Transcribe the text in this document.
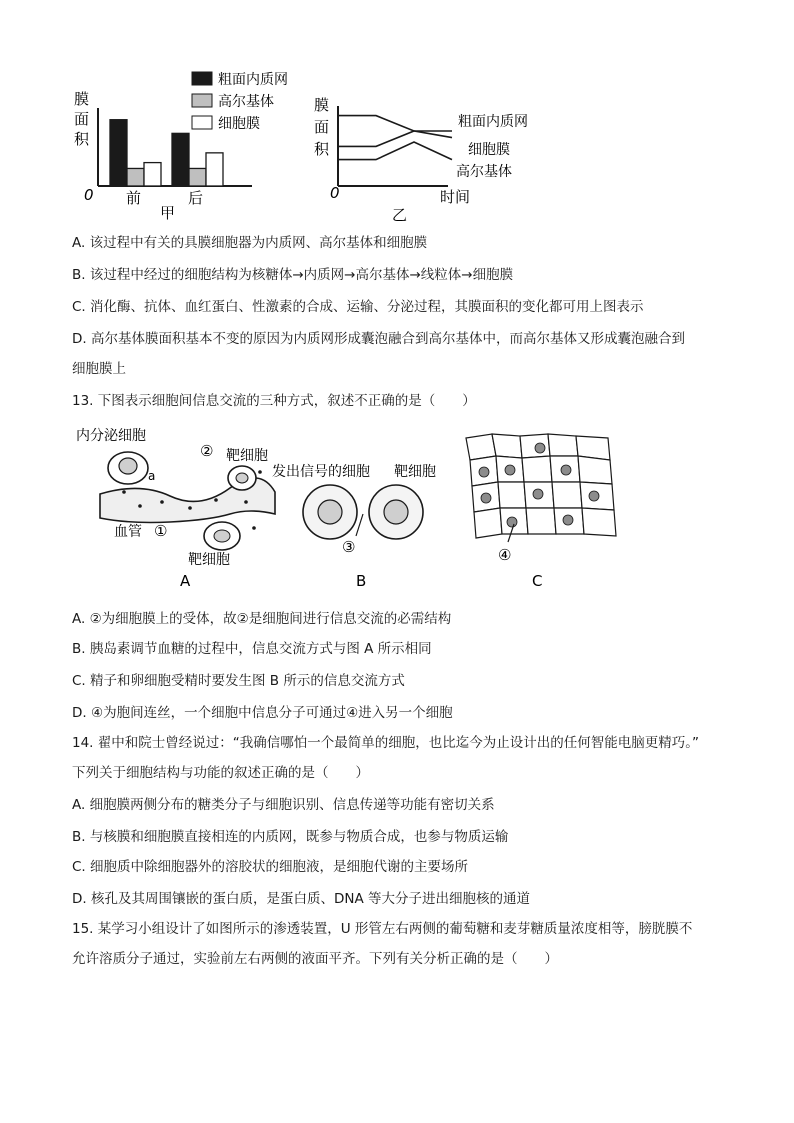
膜
面
积
0
粗面内质网
高尔基体
细胞膜
前	后
甲
膜
面
积
0
粗面内质网
细胞膜
高尔基体
时间
乙
A. 该过程中有关的具膜细胞器为内质网、高尔基体和细胞膜
B. 该过程中经过的细胞结构为核糖体→内质网→高尔基体→线粒体→细胞膜
C. 消化酶、抗体、血红蛋白、性激素的合成、运输、分泌过程，其膜面积的变化都可用上图表示
D. 高尔基体膜面积基本不变的原因为内质网形成囊泡融合到高尔基体中，而高尔基体又形成囊泡融合到
细胞膜上
13. 下图表示细胞间信息交流的三种方式，叙述不正确的是（　　）
内分泌细胞
a
② 靶细胞
血管 ①
靶细胞
A
发出信号的细胞 靶细胞
③
B
④
C
A. ②为细胞膜上的受体，故②是细胞间进行信息交流的必需结构
B. 胰岛素调节血糖的过程中，信息交流方式与图 A 所示相同
C. 精子和卵细胞受精时要发生图 B 所示的信息交流方式
D. ④为胞间连丝，一个细胞中信息分子可通过④进入另一个细胞
14. 翟中和院士曾经说过：“我确信哪怕一个最简单的细胞，也比迄今为止设计出的任何智能电脑更精巧。”
下列关于细胞结构与功能的叙述正确的是（　　）
A. 细胞膜两侧分布的糖类分子与细胞识别、信息传递等功能有密切关系
B. 与核膜和细胞膜直接相连的内质网，既参与物质合成，也参与物质运输
C. 细胞质中除细胞器外的溶胶状的细胞液，是细胞代谢的主要场所
D. 核孔及其周围镶嵌的蛋白质，是蛋白质、DNA 等大分子进出细胞核的通道
15. 某学习小组设计了如图所示的渗透装置，U 形管左右两侧的葡萄糖和麦芽糖质量浓度相等，膀胱膜不
允许溶质分子通过，实验前左右两侧的液面平齐。下列有关分析正确的是（　　）
